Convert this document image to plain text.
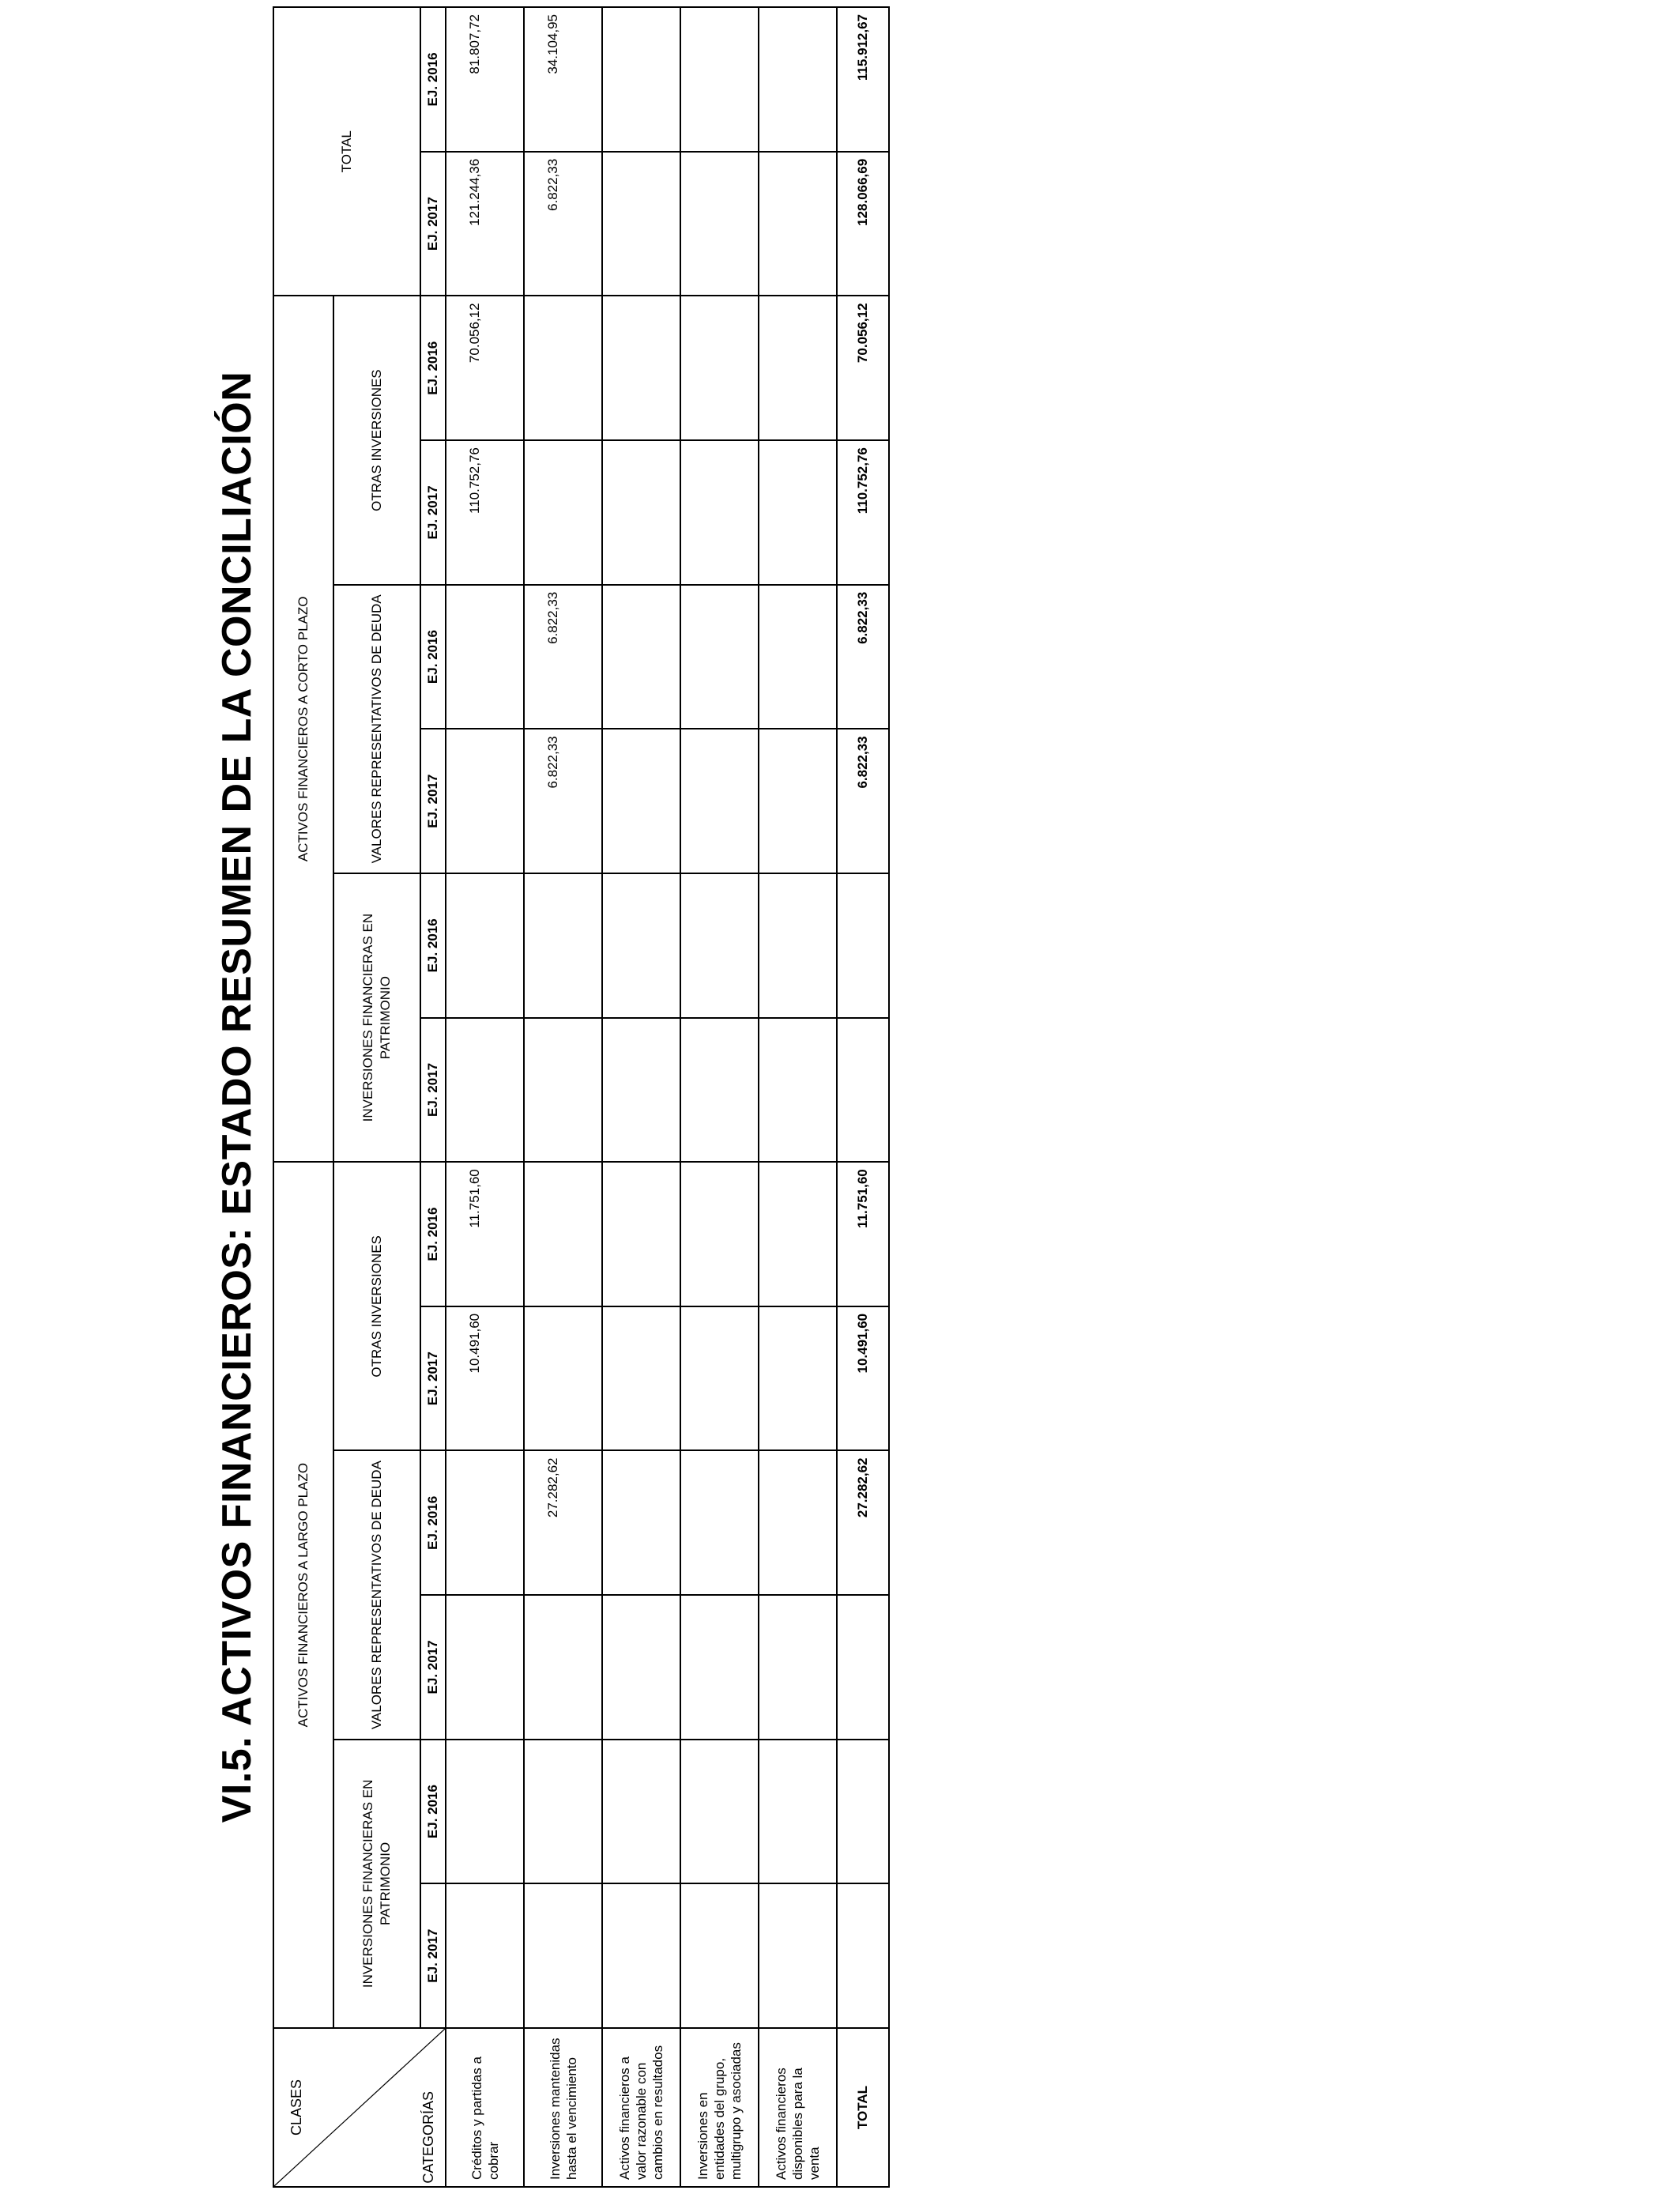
VI.5. ACTIVOS FINANCIEROS: ESTADO RESUMEN DE LA CONCILIACIÓN
CLASES CATEGORÍAS	ACTIVOS FINANCIEROS A LARGO PLAZO						ACTIVOS FINANCIEROS A CORTO PLAZO						TOTAL	
	INVERSIONES FINANCIERAS EN PATRIMONIO		VALORES REPRESENTATIVOS DE DEUDA		OTRAS INVERSIONES		INVERSIONES FINANCIERAS EN PATRIMONIO		VALORES REPRESENTATIVOS DE DEUDA		OTRAS INVERSIONES			
	EJ. 2017	EJ. 2016	EJ. 2017	EJ. 2016	EJ. 2017	EJ. 2016	EJ. 2017	EJ. 2016	EJ. 2017	EJ. 2016	EJ. 2017	EJ. 2016	EJ. 2017	EJ. 2016
Créditos y partidas a cobrar					10.491,60	11.751,60					110.752,76	70.056,12	121.244,36	81.807,72
Inversiones mantenidas hasta el vencimiento				27.282,62					6.822,33	6.822,33			6.822,33	34.104,95
Activos financieros a valor razonable con cambios en resultados														
Inversiones en entidades del grupo, multigrupo y asociadas														
Activos financieros disponibles para la venta														
TOTAL				27.282,62	10.491,60	11.751,60			6.822,33	6.822,33	110.752,76	70.056,12	128.066,69	115.912,67
